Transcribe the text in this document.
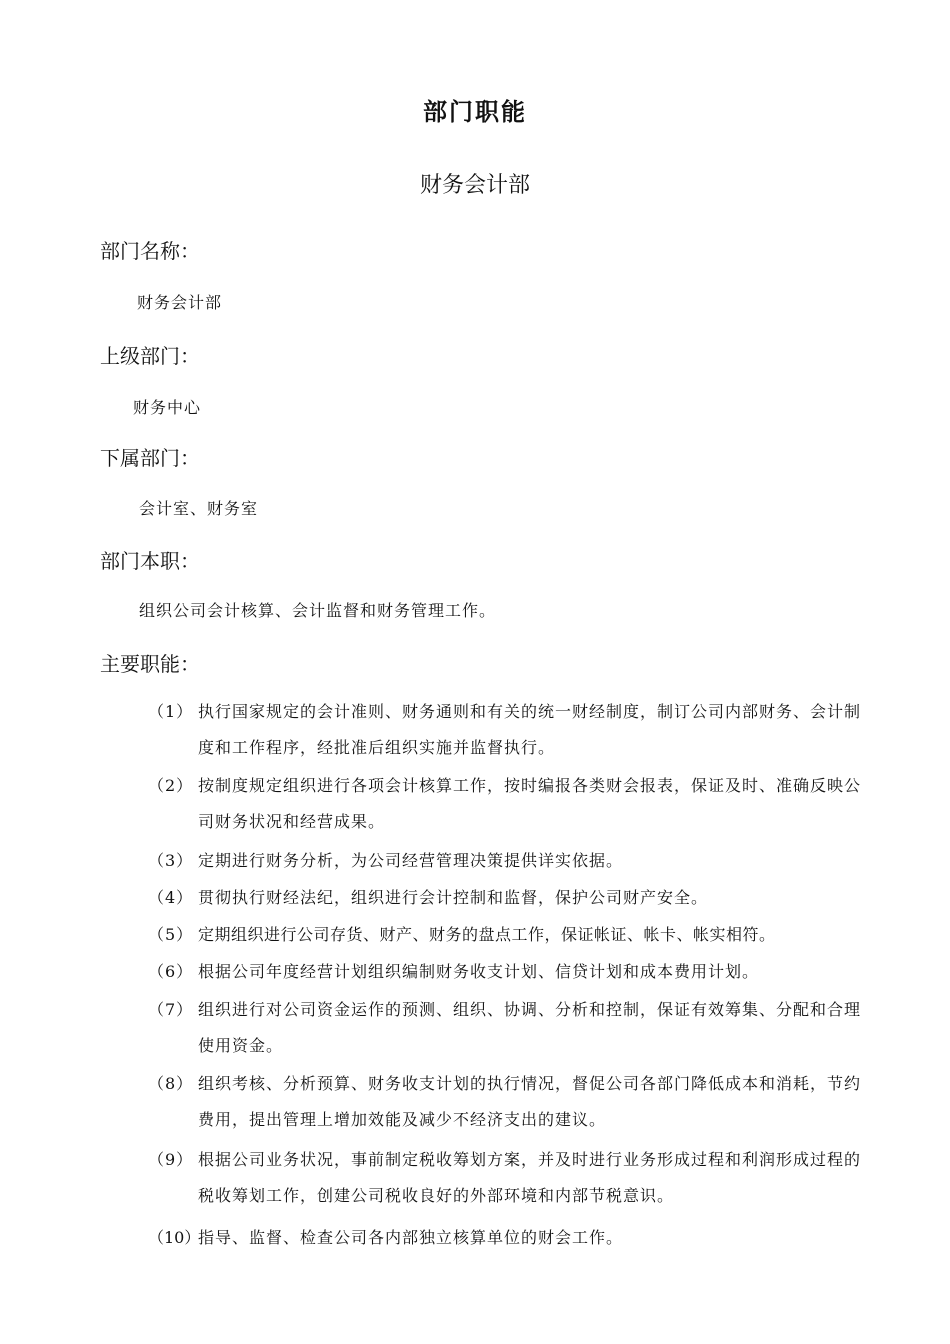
部门职能
财务会计部
部门名称：
财务会计部
上级部门：
财务中心
下属部门：
会计室、财务室
部门本职：
组织公司会计核算、会计监督和财务管理工作。
主要职能：
（1） 执行国家规定的会计准则、财务通则和有关的统一财经制度，制订公司内部财务、会计制度和工作程序，经批准后组织实施并监督执行。
（2） 按制度规定组织进行各项会计核算工作，按时编报各类财会报表，保证及时、准确反映公司财务状况和经营成果。
（3） 定期进行财务分析，为公司经营管理决策提供详实依据。
（4） 贯彻执行财经法纪，组织进行会计控制和监督，保护公司财产安全。
（5） 定期组织进行公司存货、财产、财务的盘点工作，保证帐证、帐卡、帐实相符。
（6） 根据公司年度经营计划组织编制财务收支计划、信贷计划和成本费用计划。
（7） 组织进行对公司资金运作的预测、组织、协调、分析和控制，保证有效筹集、分配和合理使用资金。
（8） 组织考核、分析预算、财务收支计划的执行情况，督促公司各部门降低成本和消耗，节约费用，提出管理上增加效能及减少不经济支出的建议。
（9） 根据公司业务状况，事前制定税收筹划方案，并及时进行业务形成过程和利润形成过程的税收筹划工作，创建公司税收良好的外部环境和内部节税意识。
（10）
指导、监督、检查公司各内部独立核算单位的财会工作。
